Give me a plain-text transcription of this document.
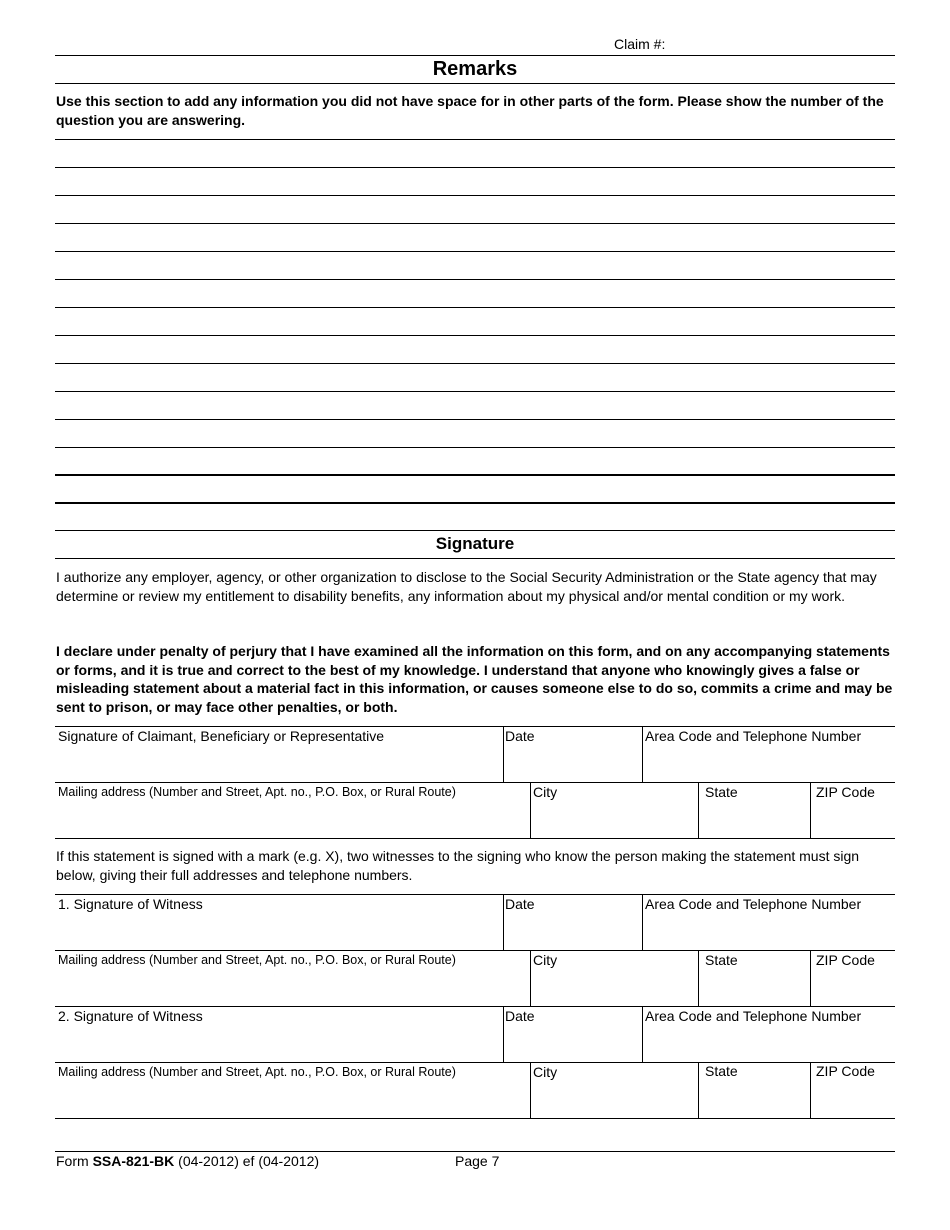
Claim #:
Remarks
Use this section to add any information you did not have space for in other parts of the form. Please show the number of the question you are answering.
Signature
I authorize any employer, agency, or other organization to disclose to the Social Security Administration or the State agency that may determine or review my entitlement to disability benefits, any information about my physical and/or mental condition or my work.
I declare under penalty of perjury that I have examined all the information on this form, and on any accompanying statements or forms, and it is true and correct to the best of my knowledge. I understand that anyone who knowingly gives a false or misleading statement about a material fact in this information, or causes someone else to do so, commits a crime and may be sent to prison, or may face other penalties, or both.
Signature of Claimant, Beneficiary or Representative	Date	Area Code and Telephone Number
Mailing address (Number and Street, Apt. no., P.O. Box, or Rural Route)	City	State	ZIP Code
If this statement is signed with a mark (e.g. X), two witnesses to the signing who know the person making the statement must sign below, giving their full addresses and telephone numbers.
1. Signature of Witness	Date	Area Code and Telephone Number
Mailing address (Number and Street, Apt. no., P.O. Box, or Rural Route)	City	State	ZIP Code
2. Signature of Witness	Date	Area Code and Telephone Number
Mailing address (Number and Street, Apt. no., P.O. Box, or Rural Route)	City	State	ZIP Code
Form SSA-821-BK (04-2012) ef (04-2012)	Page 7
